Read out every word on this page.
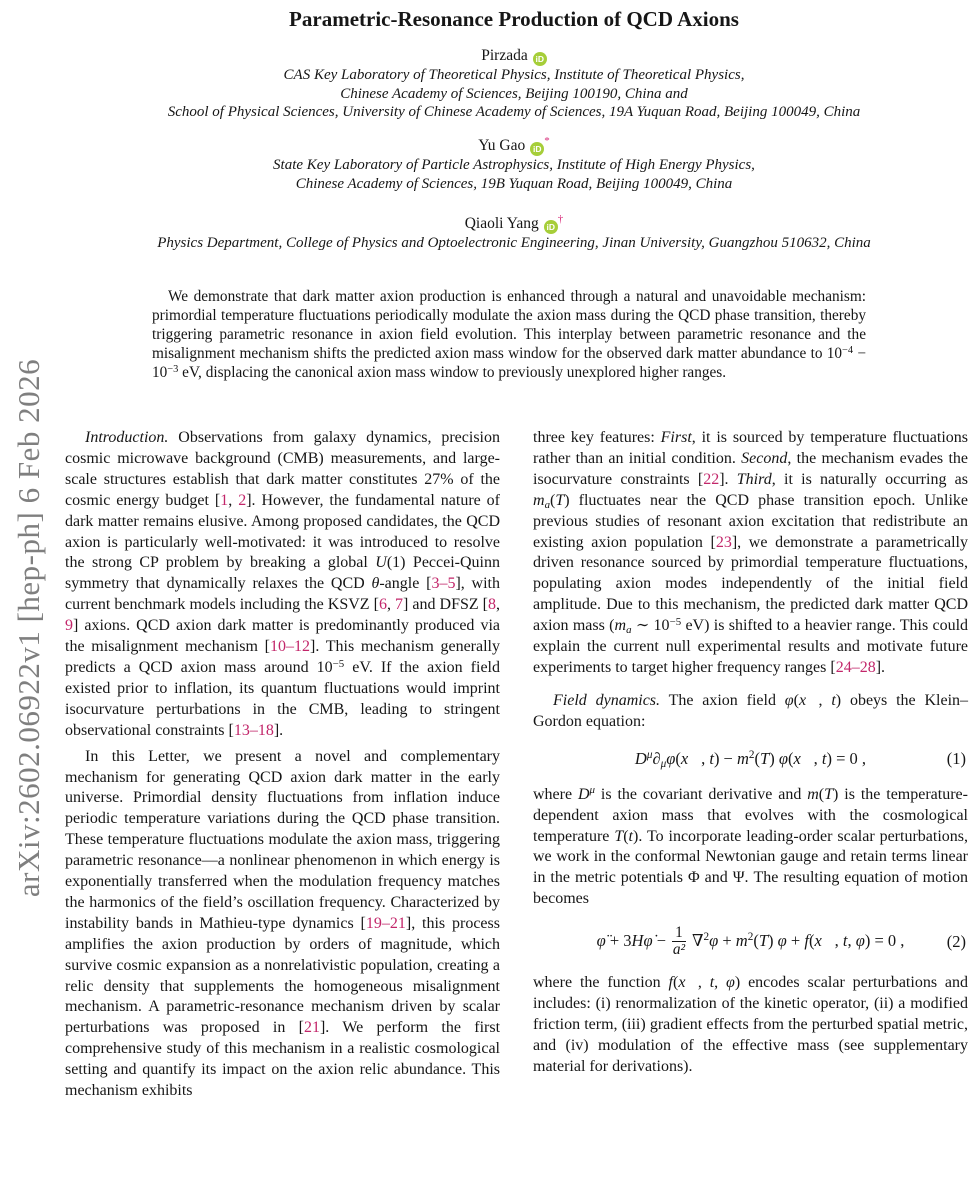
arXiv:2602.06922v1 [hep-ph] 6 Feb 2026
Parametric-Resonance Production of QCD Axions
Pirzada iD
CAS Key Laboratory of Theoretical Physics, Institute of Theoretical Physics,
Chinese Academy of Sciences, Beijing 100190, China and
School of Physical Sciences, University of Chinese Academy of Sciences, 19A Yuquan Road, Beijing 100049, China
Yu Gao iD*
State Key Laboratory of Particle Astrophysics, Institute of High Energy Physics,
Chinese Academy of Sciences, 19B Yuquan Road, Beijing 100049, China
Qiaoli Yang iD†
Physics Department, College of Physics and Optoelectronic Engineering, Jinan University, Guangzhou 510632, China
We demonstrate that dark matter axion production is enhanced through a natural and unavoidable mechanism: primordial temperature fluctuations periodically modulate the axion mass during the QCD phase transition, thereby triggering parametric resonance in axion field evolution. This interplay between parametric resonance and the misalignment mechanism shifts the predicted axion mass window for the observed dark matter abundance to $10^{-4} - 10^{-3}$ eV, displacing the canonical axion mass window to previously unexplored higher ranges.

Introduction. Observations from galaxy dynamics, precision cosmic microwave background (CMB) measurements, and large-scale structures establish that dark matter constitutes 27% of the cosmic energy budget [1, 2]. However, the fundamental nature of dark matter remains elusive. Among proposed candidates, the QCD axion is particularly well-motivated: it was introduced to resolve the strong CP problem by breaking a global U(1) Peccei-Quinn symmetry that dynamically relaxes the QCD θ-angle [3–5], with current benchmark models including the KSVZ [6, 7] and DFSZ [8, 9] axions. QCD axion dark matter is predominantly produced via the misalignment mechanism [10–12]. This mechanism generally predicts a QCD axion mass around $10^{-5}$ eV. If the axion field existed prior to inflation, its quantum fluctuations would imprint isocurvature perturbations in the CMB, leading to stringent observational constraints [13–18].

In this Letter, we present a novel and complementary mechanism for generating QCD axion dark matter in the early universe. Primordial density fluctuations from inflation induce periodic temperature variations during the QCD phase transition. These temperature fluctuations modulate the axion mass, triggering parametric resonance—a nonlinear phenomenon in which energy is exponentially transferred when the modulation frequency matches the harmonics of the field’s oscillation frequency. Characterized by instability bands in Mathieu-type dynamics [19–21], this process amplifies the axion production by orders of magnitude, which survive cosmic expansion as a nonrelativistic population, creating a relic density that supplements the homogeneous misalignment mechanism. A parametric-resonance mechanism driven by scalar perturbations was proposed in [21]. We perform the first comprehensive study of this mechanism in a realistic cosmological setting and quantify its impact on the axion relic abundance. This mechanism exhibits

three key features: First, it is sourced by temperature fluctuations rather than an initial condition. Second, the mechanism evades the isocurvature constraints [22]. Third, it is naturally occurring as $m_a(T)$ fluctuates near the QCD phase transition epoch. Unlike previous studies of resonant axion excitation that redistribute an existing axion population [23], we demonstrate a parametrically driven resonance sourced by primordial temperature fluctuations, populating axion modes independently of the initial field amplitude. Due to this mechanism, the predicted dark matter QCD axion mass ($m_a$ ∼ $10^{-5}$ eV) is shifted to a heavier range. This could explain the current null experimental results and motivate future experiments to target higher frequency ranges [24–28].

Field dynamics. The axion field φ(x⃗, t) obeys the Klein–Gordon equation:

$D^\mu\partial_\mu\varphi(x⃗$, $t) - m^2(T)$ φ(x⃗, t) = 0 ,	(1)

where $D^\mu$ is the covariant derivative and m(T) is the temperature-dependent axion mass that evolves with the cosmological temperature T(t). To incorporate leading-order scalar perturbations, we work in the conformal Newtonian gauge and retain terms linear in the metric potentials Φ and Ψ. The resulting equation of motion becomes

φ̈ + 3Hφ̇ − $\frac{1}{\text{a²}} \nabla^2\varphi + m^2(T) \varphi$ + f(x⃗, t, φ) = 0 ,	(2)

where the function f(x⃗, t, φ) encodes scalar perturbations and includes: (i) renormalization of the kinetic operator, (ii) a modified friction term, (iii) gradient effects from the perturbed spatial metric, and (iv) modulation of the effective mass (see supplementary material for derivations).
